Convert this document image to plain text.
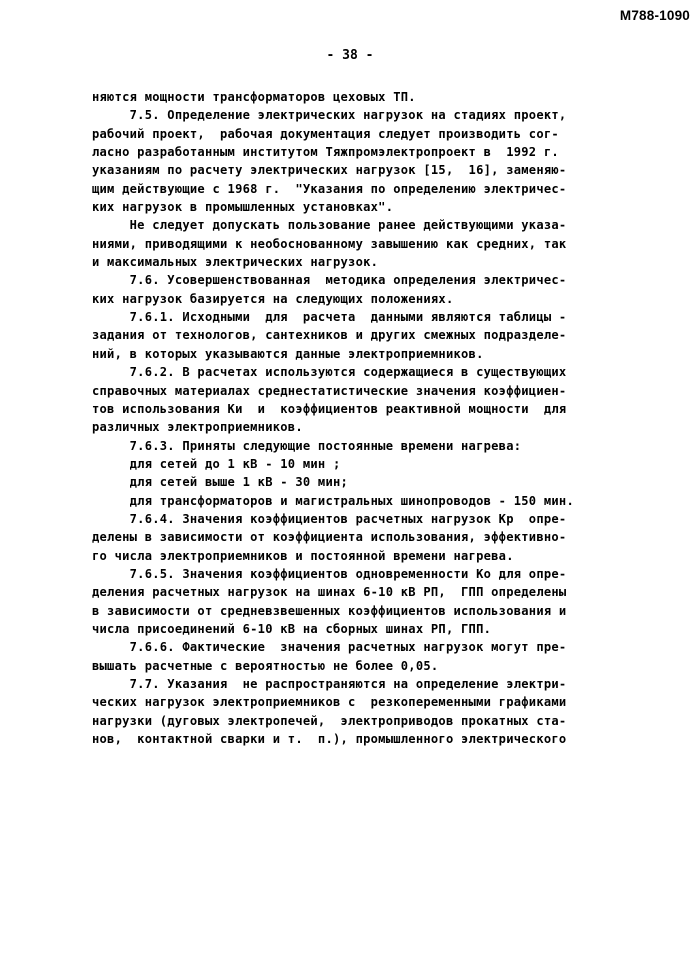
M788-1090
- 38 -
няются мощности трансформаторов цеховых ТП.
7.5. Определение электрических нагрузок на стадиях проект,
рабочий проект,  рабочая документация следует производить сог-
ласно разработанным институтом Тяжпромэлектропроект в  1992 г.
указаниям по расчету электрических нагрузок [15,  16], заменяю-
щим действующие с 1968 г.  "Указания по определению электричес-
ких нагрузок в промышленных установках".
Не следует допускать пользование ранее действующими указа-
ниями, приводящими к необоснованному завышению как средних, так
и максимальных электрических нагрузок.
7.6. Усовершенствованная  методика определения электричес-
ких нагрузок базируется на следующих положениях.
7.6.1. Исходными  для  расчета  данными являются таблицы -
задания от технологов, сантехников и других смежных подразделе-
ний, в которых указываются данные электроприемников.
7.6.2. В расчетах используются содержащиеся в существующих
справочных материалах среднестатистические значения коэффициен-
тов использования Ки  и  коэффициентов реактивной мощности  для
различных электроприемников.
7.6.3. Приняты следующие постоянные времени нагрева:
для сетей до 1 кВ - 10 мин ;
для сетей выше 1 кВ - 30 мин;
для трансформаторов и магистральных шинопроводов - 150 мин.
7.6.4. Значения коэффициентов расчетных нагрузок Кр  опре-
делены в зависимости от коэффициента использования, эффективно-
го числа электроприемников и постоянной времени нагрева.
7.6.5. Значения коэффициентов одновременности Ко для опре-
деления расчетных нагрузок на шинах 6-10 кВ РП,  ГПП определены
в зависимости от средневзвешенных коэффициентов использования и
числа присоединений 6-10 кВ на сборных шинах РП, ГПП.
7.6.6. Фактические  значения расчетных нагрузок могут пре-
вышать расчетные с вероятностью не более 0,05.
7.7. Указания  не распространяются на определение электри-
ческих нагрузок электроприемников с  резкопеременными графиками
нагрузки (дуговых электропечей,  электроприводов прокатных ста-
нов,  контактной сварки и т.  п.), промышленного электрического
